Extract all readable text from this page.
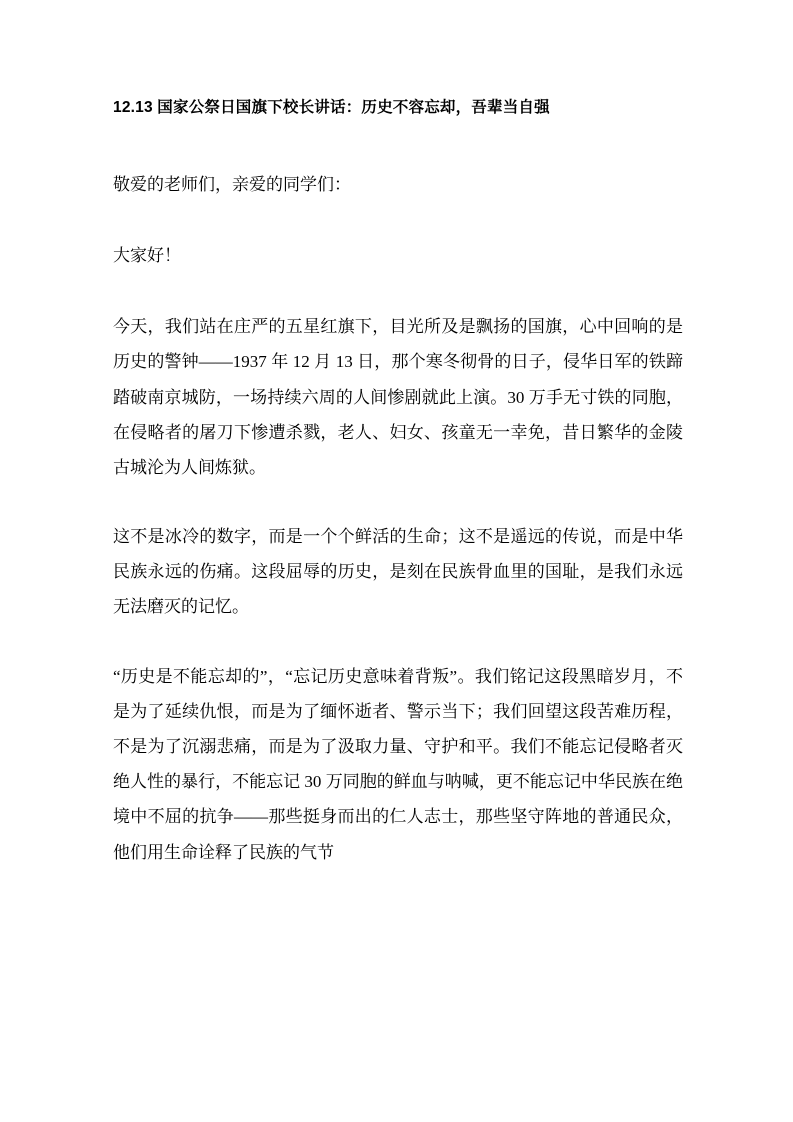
12.13 国家公祭日国旗下校长讲话：历史不容忘却，吾辈当自强

敬爱的老师们，亲爱的同学们：

大家好！

今天，我们站在庄严的五星红旗下，目光所及是飘扬的国旗，心中回响的是历史的警钟——1937 年 12 月 13 日，那个寒冬彻骨的日子，侵华日军的铁蹄踏破南京城防，一场持续六周的人间惨剧就此上演。30 万手无寸铁的同胞，在侵略者的屠刀下惨遭杀戮，老人、妇女、孩童无一幸免，昔日繁华的金陵古城沦为人间炼狱。

这不是冰冷的数字，而是一个个鲜活的生命；这不是遥远的传说，而是中华民族永远的伤痛。这段屈辱的历史，是刻在民族骨血里的国耻，是我们永远无法磨灭的记忆。

“历史是不能忘却的”，“忘记历史意味着背叛”。我们铭记这段黑暗岁月，不是为了延续仇恨，而是为了缅怀逝者、警示当下；我们回望这段苦难历程，不是为了沉溺悲痛，而是为了汲取力量、守护和平。我们不能忘记侵略者灭绝人性的暴行，不能忘记 30 万同胞的鲜血与呐喊，更不能忘记中华民族在绝境中不屈的抗争——那些挺身而出的仁人志士，那些坚守阵地的普通民众，他们用生命诠释了民族的气节
